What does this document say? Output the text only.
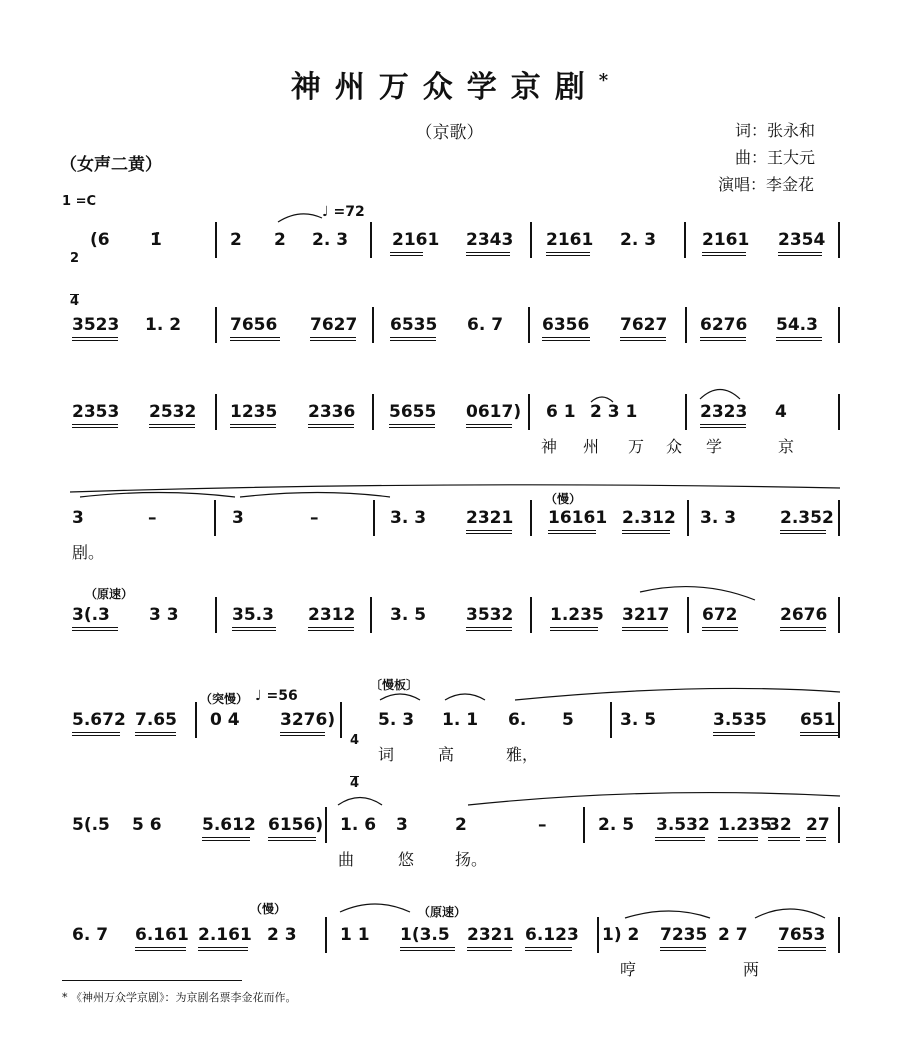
神州万众学京剧*
（京歌）	词：张永和
曲：王大元
演唱：李金花
（女声二黄）
1 =C

2

4

4

4

♩ =72
♩ =56
（慢）
（原速）
（突慢）
〔慢板〕
（慢）	（原速）
(6 1̇	2 2 2. 3	2161 2343 2161 2. 3	2161 2354
3523 1. 2	7656 7627 6535 6. 7 6356 7627 6276 54.3
2353 2532 1235 2336 5655 0617) 6 1 2 3 1	2323 4
神 州 万 众 学	京
3	–	3	–	3. 3 2321 16161 2.312 3. 3	2.352
剧。
3(.3 3 3	35.3 2312 3. 5 3532 1.235 3217 672	2676
5.672 7.65 0 4 3276)	5. 3 1. 1 6. 5	3. 5	3.535 651
词	高	雅，
5(.5 5 6 5.612 6156) 1. 6 3	2	–	2. 5 3.532 1.235
32 27
曲	悠	扬。
6. 7 6.161 2.161 2 3	1 1 1(3.5 2321 6.123 1) 2 7235 2 7 7653
哼	两
* 《神州万众学京剧》：为京剧名票李金花而作。
